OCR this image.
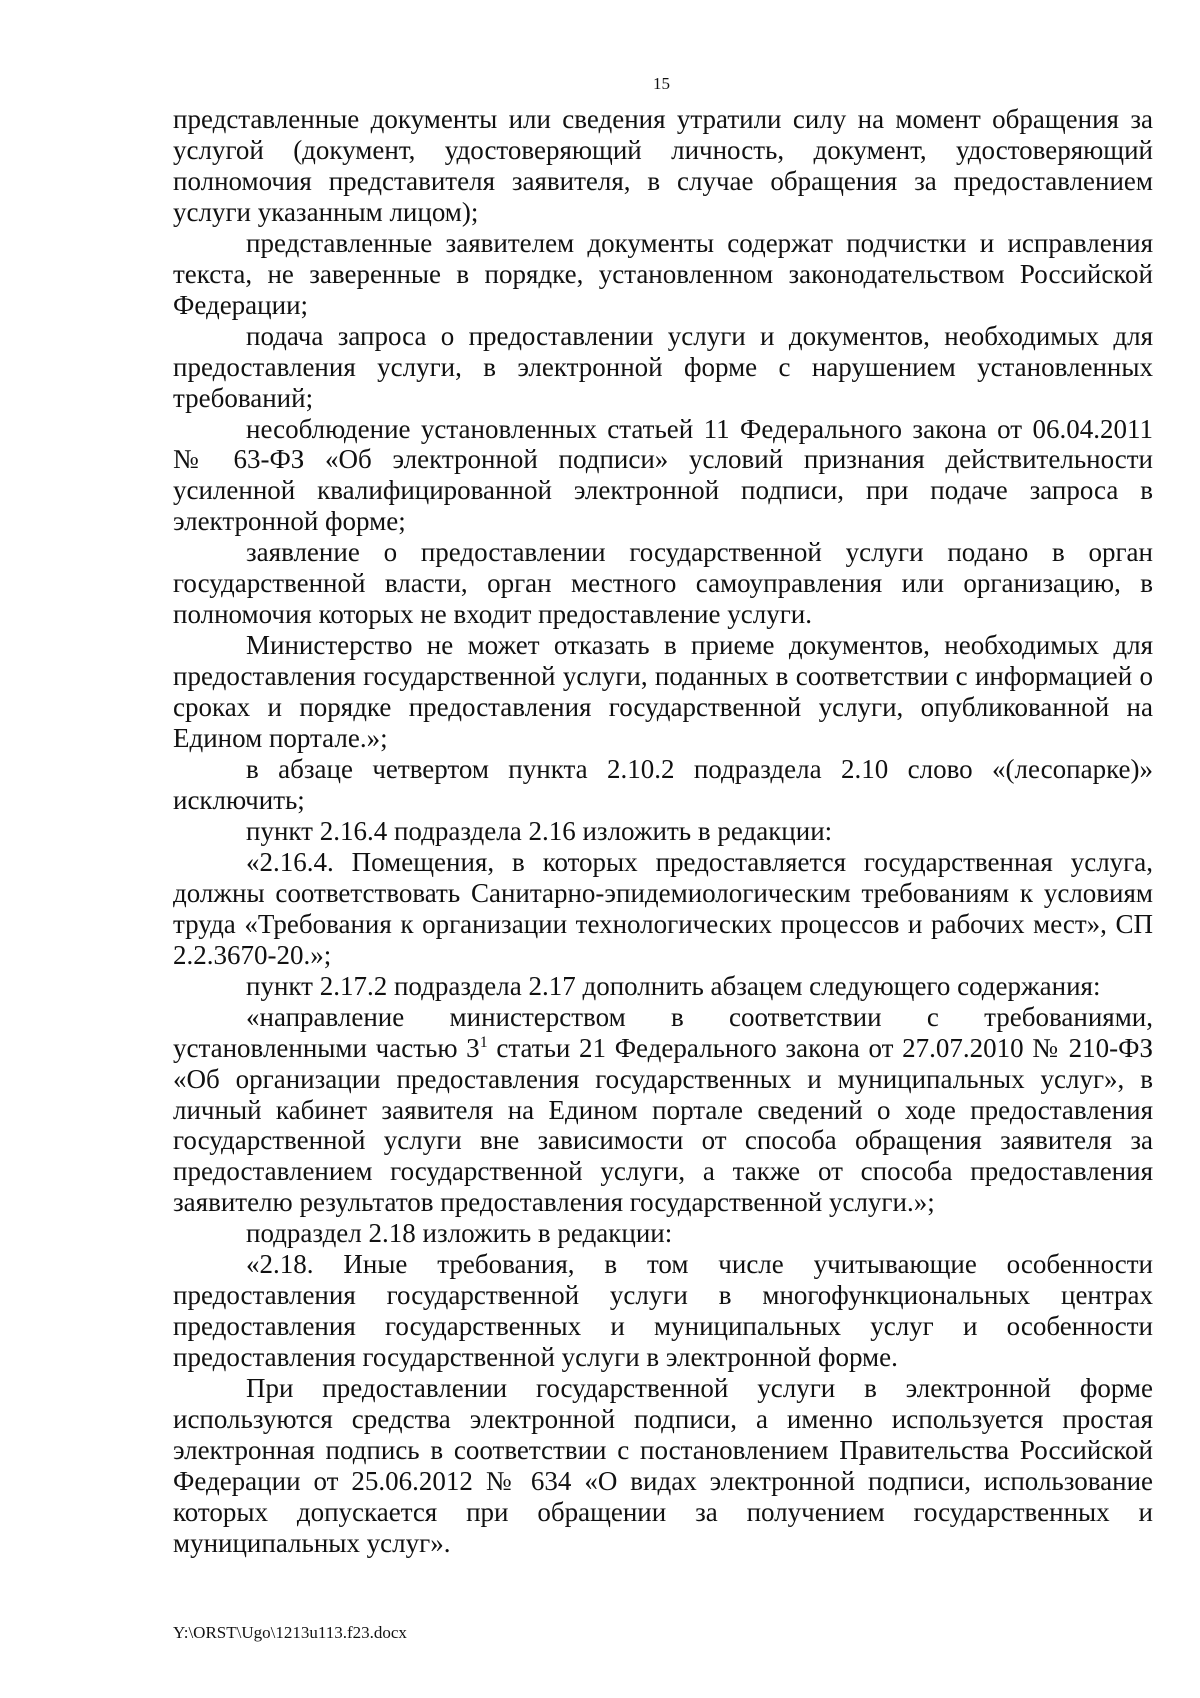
15

представленные документы или сведения утратили силу на момент обращения за услугой (документ, удостоверяющий личность, документ, удостоверяющий полномочия представителя заявителя, в случае обращения за предоставлением услуги указанным лицом);

представленные заявителем документы содержат подчистки и исправления текста, не заверенные в порядке, установленном законодательством Российской Федерации;

подача запроса о предоставлении услуги и документов, необходимых для предоставления услуги, в электронной форме с нарушением установленных требований;

несоблюдение установленных статьей 11 Федерального закона от 06.04.2011 № 63-ФЗ «Об электронной подписи» условий признания действительности усиленной квалифицированной электронной подписи, при подаче запроса в электронной форме;

заявление о предоставлении государственной услуги подано в орган государственной власти, орган местного самоуправления или организацию, в полномочия которых не входит предоставление услуги.

Министерство не может отказать в приеме документов, необходимых для предоставления государственной услуги, поданных в соответствии с информацией о сроках и порядке предоставления государственной услуги, опубликованной на Едином портале.»;

в абзаце четвертом пункта 2.10.2 подраздела 2.10 слово «(лесопарке)» исключить;

пункт 2.16.4 подраздела 2.16 изложить в редакции:

«2.16.4. Помещения, в которых предоставляется государственная услуга, должны соответствовать Санитарно-эпидемиологическим требованиям к условиям труда «Требования к организации технологических процессов и рабочих мест», СП 2.2.3670-20.»;

пункт 2.17.2 подраздела 2.17 дополнить абзацем следующего содержания:

«направление министерством в соответствии с требованиями, установленными частью $3^1$ статьи 21 Федерального закона от 27.07.2010 № 210-ФЗ «Об организации предоставления государственных и муниципальных услуг», в личный кабинет заявителя на Едином портале сведений о ходе предоставления государственной услуги вне зависимости от способа обращения заявителя за предоставлением государственной услуги, а также от способа предоставления заявителю результатов предоставления государственной услуги.»;

подраздел 2.18 изложить в редакции:

«2.18. Иные требования, в том числе учитывающие особенности предоставления государственной услуги в многофункциональных центрах предоставления государственных и муниципальных услуг и особенности предоставления государственной услуги в электронной форме.

При предоставлении государственной услуги в электронной форме используются средства электронной подписи, а именно используется простая электронная подпись в соответствии с постановлением Правительства Российской Федерации от 25.06.2012 № 634 «О видах электронной подписи, использование которых допускается при обращении за получением государственных и муниципальных услуг».

Y:\ORST\Ugo\1213u113.f23.docx
